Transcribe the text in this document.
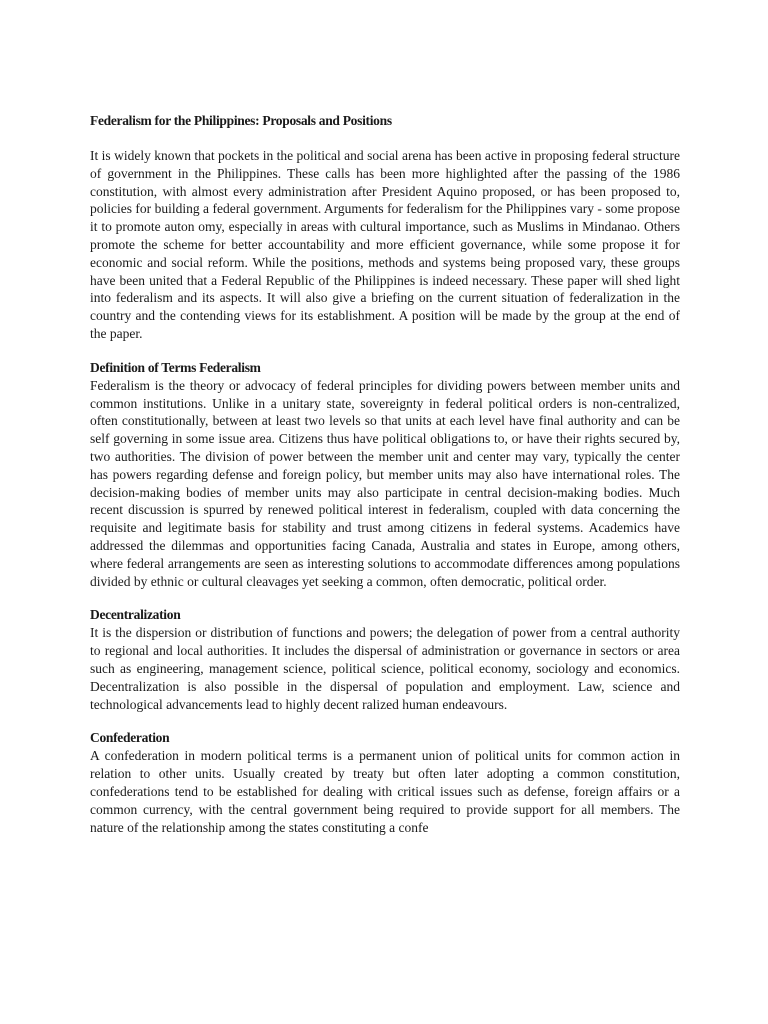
Federalism for the Philippines: Proposals and Positions

It is widely known that pockets in the political and social arena has been active in proposing federal structure of government in the Philippines. These calls has been more highlighted after the passing of the 1986 constitution, with almost every administration after President Aquino proposed, or has been proposed to, policies for building a federal government. Arguments for federalism for the Philippines vary - some propose it to promote auton omy, especially in areas with cultural importance, such as Muslims in Mindanao. Others promote the scheme for better accountability and more efficient governance, while some propose it for economic and social reform. While the positions, methods and systems being proposed vary, these groups have been united that a Federal Republic of the Philippines is indeed necessary. These paper will shed light into federalism and its aspects. It will also give a briefing on the current situation of federalization in the country and the contending views for its establishment. A position will be made by the group at the end of the paper.

Definition of Terms Federalism

Federalism is the theory or advocacy of federal principles for dividing powers between member units and common institutions. Unlike in a unitary state, sovereignty in federal political orders is non-centralized, often constitutionally, between at least two levels so that units at each level have final authority and can be self governing in some issue area. Citizens thus have political obligations to, or have their rights secured by, two authorities. The division of power between the member unit and center may vary, typically the center has powers regarding defense and foreign policy, but member units may also have international roles. The decision-making bodies of member units may also participate in central decision-making bodies. Much recent discussion is spurred by renewed political interest in federalism, coupled with data concerning the requisite and legitimate basis for stability and trust among citizens in federal systems. Academics have addressed the dilemmas and opportunities facing Canada, Australia and states in Europe, among others, where federal arrangements are seen as interesting solutions to accommodate differences among populations divided by ethnic or cultural cleavages yet seeking a common, often democratic, political order.

Decentralization

It is the dispersion or distribution of functions and powers; the delegation of power from a central authority to regional and local authorities. It includes the dispersal of administration or governance in sectors or area such as engineering, management science, political science, political economy, sociology and economics. Decentralization is also possible in the dispersal of population and employment. Law, science and technological advancements lead to highly decent ralized human endeavours.

Confederation

A confederation in modern political terms is a permanent union of political units for common action in relation to other units. Usually created by treaty but often later adopting a common constitution, confederations tend to be established for dealing with critical issues such as defense, foreign affairs or a common currency, with the central government being required to provide support for all members. The nature of the relationship among the states constituting a confe
